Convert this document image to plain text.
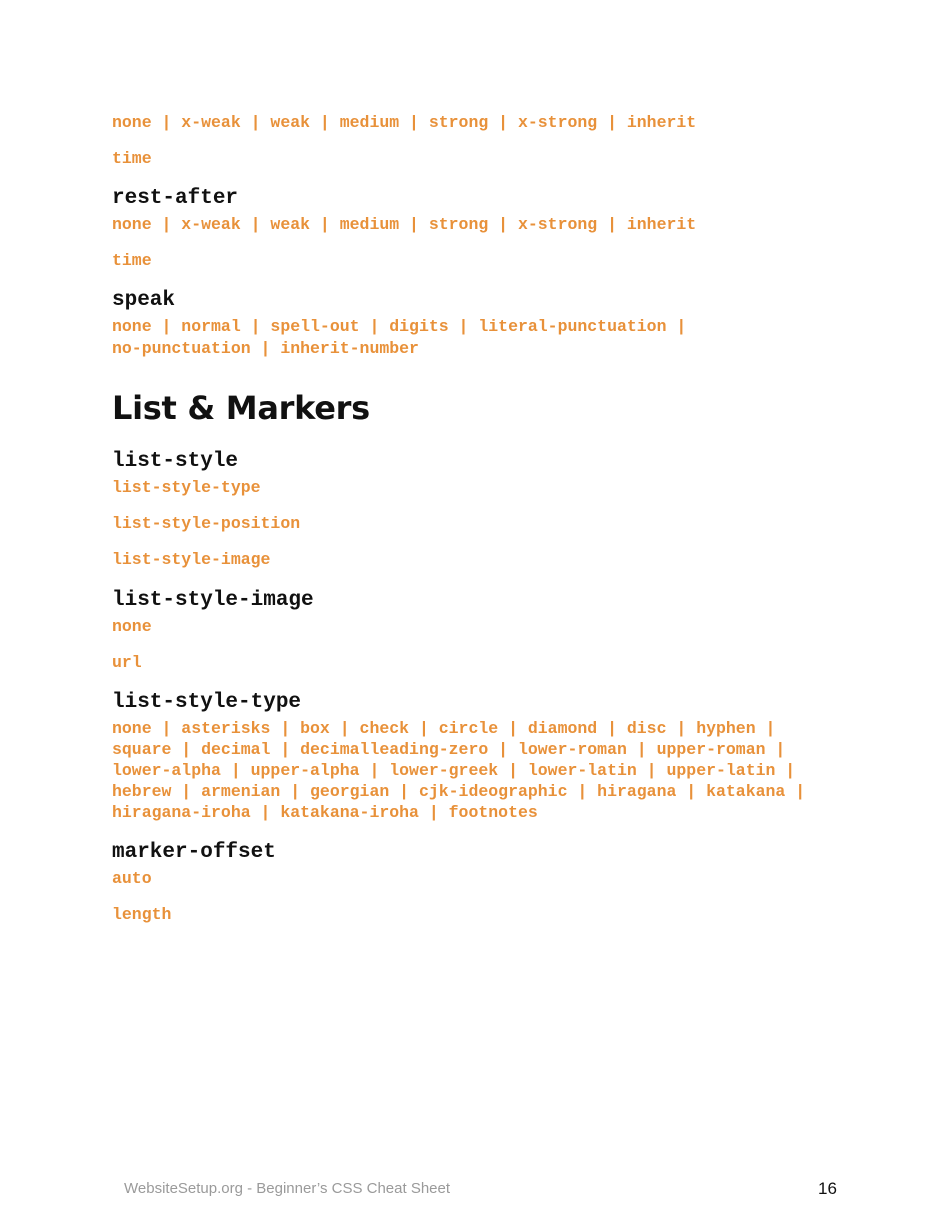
none | x-weak | weak | medium | strong | x-strong | inherit
time
rest-after
none | x-weak | weak | medium | strong | x-strong | inherit
time
speak
none | normal | spell-out | digits | literal-punctuation |
no-punctuation | inherit-number
List & Markers
list-style
list-style-type
list-style-position
list-style-image
list-style-image
none
url
list-style-type
none | asterisks | box | check | circle | diamond | disc | hyphen |
square | decimal | decimalleading-zero | lower-roman | upper-roman |
lower-alpha | upper-alpha | lower-greek | lower-latin | upper-latin |
hebrew | armenian | georgian | cjk-ideographic | hiragana | katakana |
hiragana-iroha | katakana-iroha | footnotes
marker-offset
auto
length
WebsiteSetup.org - Beginner’s CSS Cheat Sheet	16
